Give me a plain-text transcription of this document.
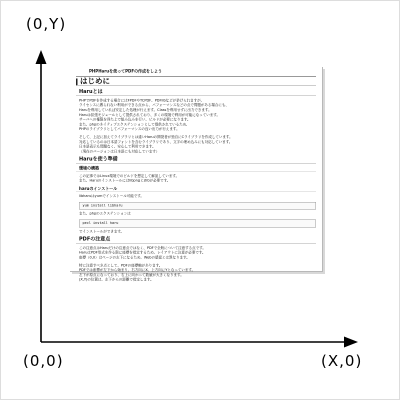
(0,Y)
(0,0)	(X,0)
PHPHaruを使ってPDFの作成をしよう
はじめに
Haruとは
PHPでPDFを作成する場合にはFPDFやTCPDF、PDFlibなどが挙げられますが、
ライセンスに縛られない利用ができる点から、パフォーマンスなどの点で問題がある場合にも、
Haruを利用していれば安定した処理が行えます。Classを利用せずに出力できます。
Haruは拡張モジュールとして提供されており、多くの環境で利用が可能になっています。
サーバへの権限を得た上で組み込みを行い、ビルドが必要になります。
また、phpのネイティブエクステンションとして提供されているため、
PHPのライブラリとしてパフォーマンスの良い出力が行えます。
そして、上記に加えてライブラリとは違いHaruの開発者が独自にCライブラリを作成しています。
対応しているのは日本語フォントを含むライブラリであり、文字の埋め込みにも対応しています。
日本語表示も問題なく、安心して利用できます。
（現在のバージョンは日本語にも対応しています）
Haruを使う準備
環境の構築
この記事ではLinux環境でのビルドを想定して解説しています。
また、Haruのインストールにはlibpngとzlibが必要です。
haruのインストール
libharuはyumでインストール可能です。
yum install libharu
また、phpのエクステンションは
pecl install haru
でインストールができます。
PDFの注意点
この注意点はHaruだけの注意点ではなく、PDFで全般について注意する点です。
HaruはPDF形式を作る際に座標を指定するため、レイアウトに注意が必要です。
座標（0,0）はページの左下になるため、Webの感覚とは異なります。
特に注意すべき点として、PDFの座標軸があります。
PDFでは座標が左下から始まり、右方向にX、上方向にYとなっています。
左下が原点になっており、右上に向かって数値が大きくなります。
(X,Y)の位置は、左下からの距離で指定します。
